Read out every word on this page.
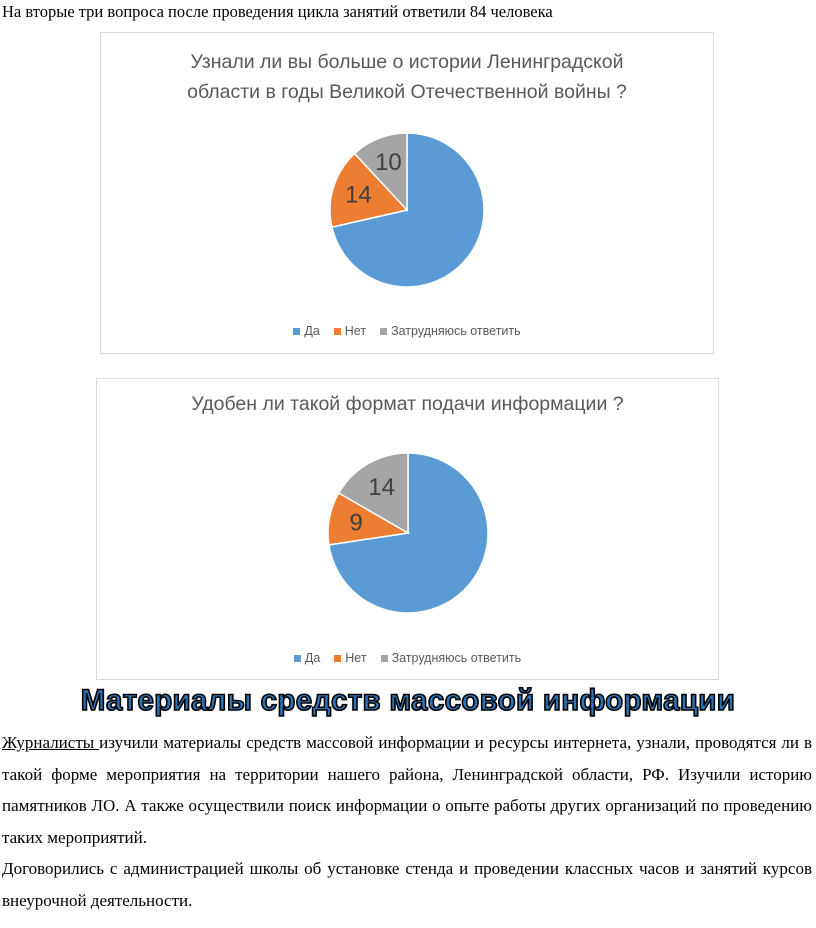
На вторые три вопроса после проведения цикла занятий ответили 84 человека
Узнали ли вы больше о истории Ленинградской
области в годы Великой Отечественной войны ?
14
10
Да Нет Затрудняюсь ответить
Удобен ли такой формат подачи информации ?
9
14
Да Нет Затрудняюсь ответить
Материалы средств массовой информации

Журналисты изучили материалы средств массовой информации и ресурсы интернета, узнали, проводятся ли в такой форме мероприятия на территории нашего района, Ленинградской области, РФ. Изучили историю памятников ЛО. А также осуществили поиск информации о опыте работы других организаций по проведению таких мероприятий.

Договорились с администрацией школы об установке стенда и проведении классных часов и занятий курсов внеурочной деятельности.
